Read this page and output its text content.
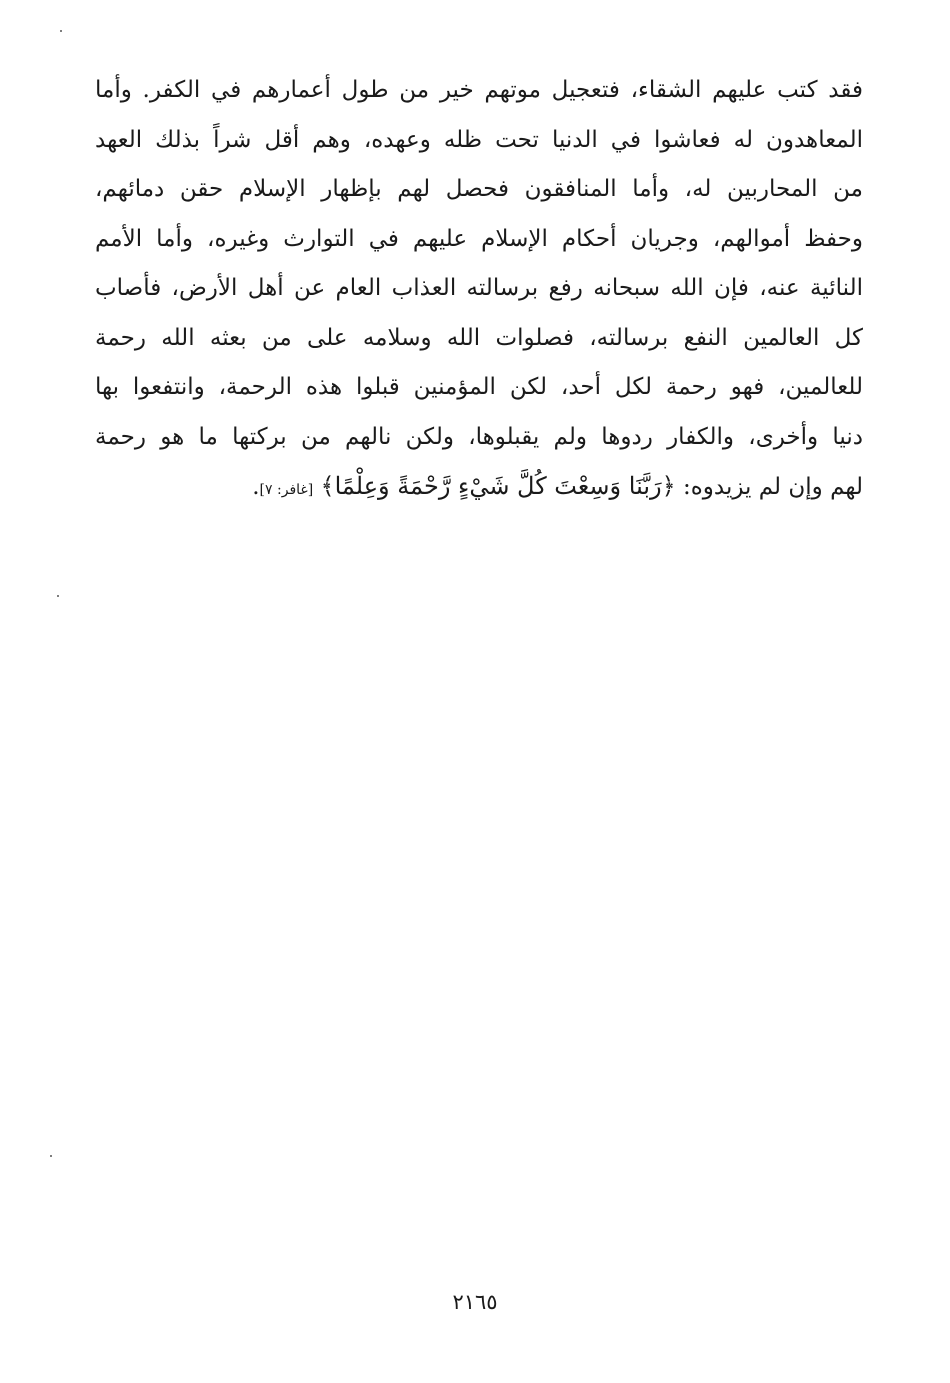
فقد كتب عليهم الشقاء، فتعجيل موتهم خير من طول أعمارهم في الكفر. وأما
المعاهدون له فعاشوا في الدنيا تحت ظله وعهده، وهم أقل شراً بذلك العهد
من المحاربين له، وأما المنافقون فحصل لهم بإظهار الإسلام حقن دمائهم،
وحفظ أموالهم، وجريان أحكام الإسلام عليهم في التوارث وغيره، وأما الأمم
النائية عنه، فإن الله سبحانه رفع برسالته العذاب العام عن أهل الأرض، فأصاب
كل العالمين النفع برسالته، فصلوات الله وسلامه على من بعثه الله رحمة
للعالمين، فهو رحمة لكل أحد، لكن المؤمنين قبلوا هذه الرحمة، وانتفعوا بها
دنيا وأخرى، والكفار ردوها ولم يقبلوها، ولكن نالهم من بركتها ما هو رحمة
لهم وإن لم يزيدوه: ﴿رَبَّنَا وَسِعْتَ كُلَّ شَيْءٍ رَّحْمَةً وَعِلْمًا﴾ [غافر: ٧].
٢١٦٥
